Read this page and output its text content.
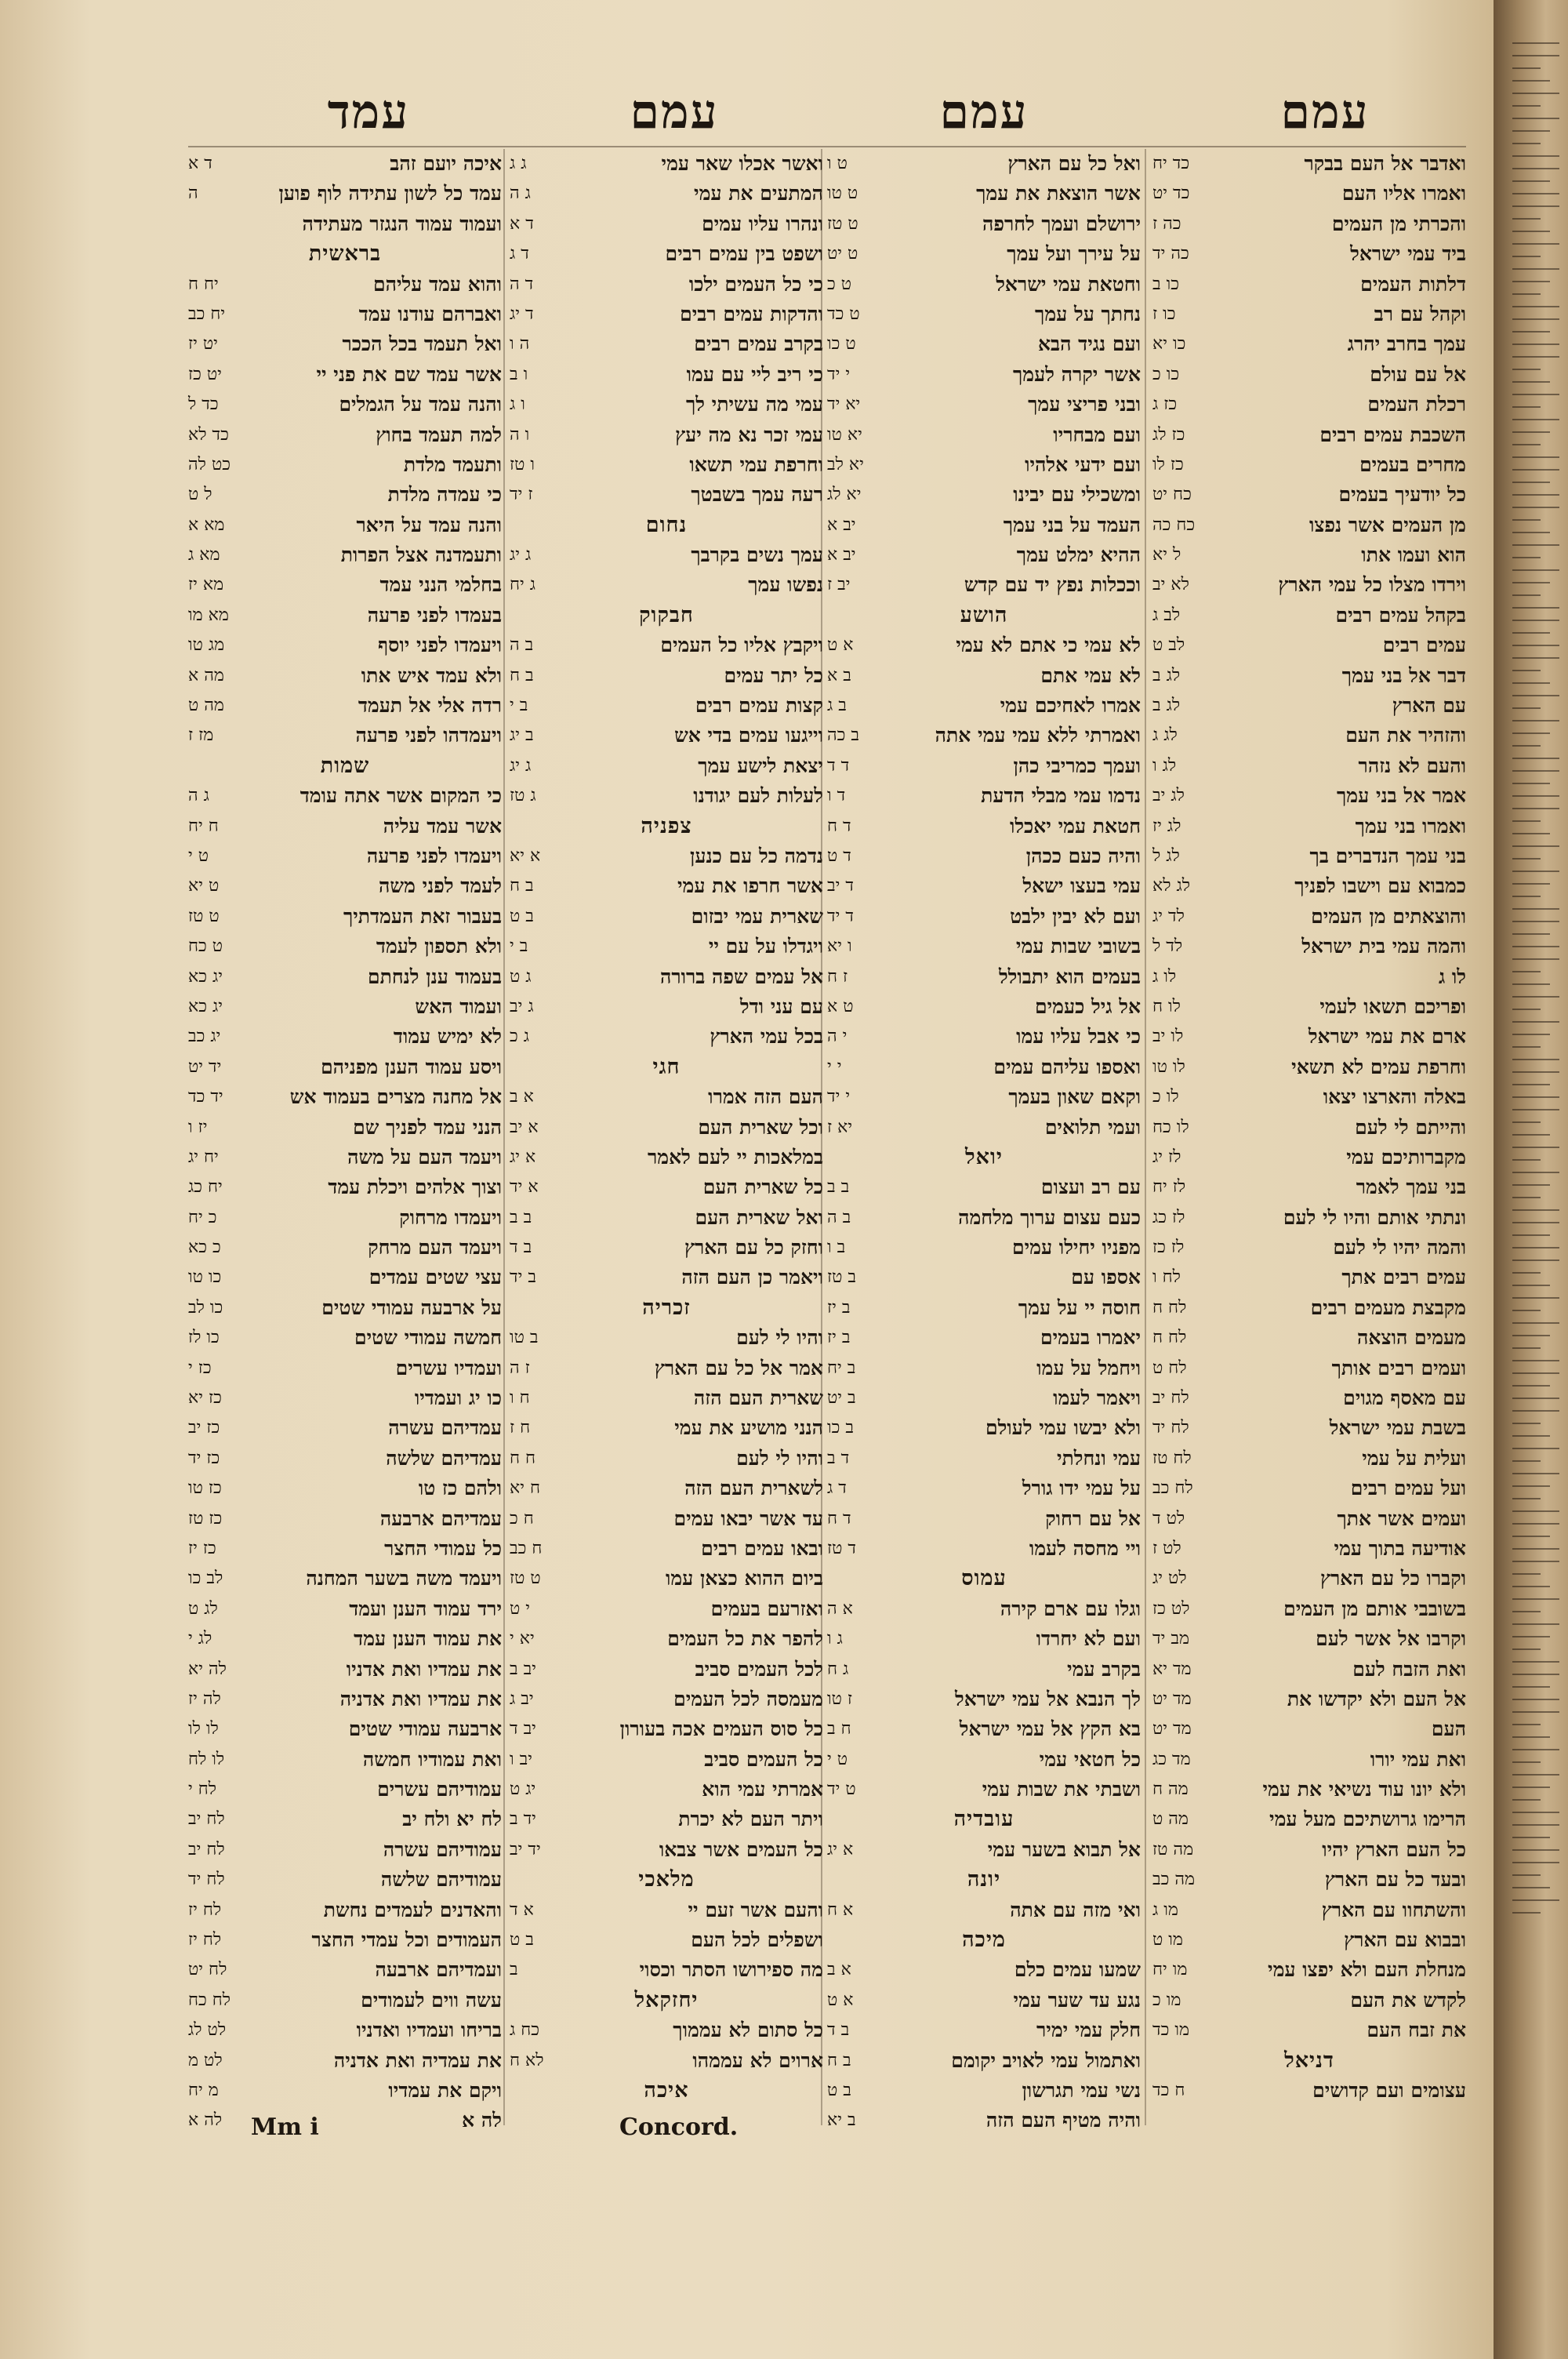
עמם
עמם
עמם
עמד
ואדבר אל העם בבקר
כד יח
ואמרו אליו העם
כד יט
והכרתי מן העמים
כה ז
ביד עמי ישראל
כה יד
דלתות העמים
כו ב
וקהל עם רב
כו ז
עמך בחרב יהרג
כו יא
אל עם עולם
כו כ
רכלת העמים
כז ג
השכבת עמים רבים
כז לג
מחרים בעמים
כז לו
כל יודעיך בעמים
כח יט
מן העמים אשר נפצו
כח כה
הוא ועמו אתו
ל יא
וירדו מצלו כל עמי הארץ
לא יב
בקהל עמים רבים
לב ג
עמים רבים
לב ט
דבר אל בני עמך
לג ב
עם הארץ
לג ב
והזהיר את העם
לג ג
והעם לא נזהר
לג ו
אמר אל בני עמך
לג יב
ואמרו בני עמך
לג יז
בני עמך הנדברים בך
לג ל
כמבוא עם וישבו לפניך
לג לא
והוצאתים מן העמים
לד יג
והמה עמי בית ישראל
לד ל
לו ג
לו ג
ופריכם תשאו לעמי
לו ח
ארם את עמי ישראל
לו יב
וחרפת עמים לא תשאי
לו טו
באלה והארצו יצאו
לו כ
והייתם לי לעם
לו כח
מקברותיכם עמי
לז יג
בני עמך לאמר
לז יח
ונתתי אותם והיו לי לעם
לז כג
והמה יהיו לי לעם
לז כז
עמים רבים אתך
לח ו
מקבצת מעמים רבים
לח ח
מעמים הוצאה
לח ח
ועמים רבים אותך
לח ט
עם מאסף מגוים
לח יב
בשבת עמי ישראל
לח יד
ועלית על עמי
לח טז
ועל עמים רבים
לח כב
ועמים אשר אתך
לט ד
אודיעה בתוך עמי
לט ז
וקברו כל עם הארץ
לט יג
בשובבי אותם מן העמים
לט כז
וקרבו אל אשר לעם
מב יד
ואת הזבח לעם
מד יא
אל העם ולא יקדשו את
מד יט
העם
מד יט
ואת עמי יורו
מד כג
ולא יונו עוד נשיאי את עמי
מה ח
הרימו גרושתיכם מעל עמי
מה ט
כל העם הארץ יהיו
מה טז
ובעד כל עם הארץ
מה כב
והשתחוו עם הארץ
מו ג
ובבוא עם הארץ
מו ט
מנחלת העם ולא יפצו עמי
מו יח
לקדש את העם
מו כ
את זבח העם
מו כד
דניאל
עצומים ועם קדושים
ח כד
ואל כל עם הארץ
ט ו
אשר הוצאת את עמך
ט טו
ירושלם ועמך לחרפה
ט טז
על עירך ועל עמך
ט יט
וחטאת עמי ישראל
ט כ
נחתך על עמך
ט כד
ועם נגיד הבא
ט כו
אשר יקרה לעמך
י יד
ובני פריצי עמך
יא יד
ועם מבחריו
יא טו
ועם ידעי אלהיו
יא לב
ומשכילי עם יבינו
יא לג
העמד על בני עמך
יב א
ההיא ימלט עמך
יב א
וככלות נפץ יד עם קדש
יב ז
הושע
לא עמי כי אתם לא עמי
א ט
לא עמי אתם
ב א
אמרו לאחיכם עמי
ב ג
ואמרתי ללא עמי עמי אתה
ב כה
ועמך כמריבי כהן
ד ד
נדמו עמי מבלי הדעת
ד ו
חטאת עמי יאכלו
ד ח
והיה כעם ככהן
ד ט
עמי בעצו ישאל
ד יב
ועם לא יבין ילבט
ד יד
בשובי שבות עמי
ו יא
בעמים הוא יתבולל
ז ח
אל גיל כעמים
ט א
כי אבל עליו עמו
י ה
ואספו עליהם עמים
י י
וקאם שאון בעמך
י יד
ועמי תלואים
יא ז
יואל
עם רב ועצום
ב ב
כעם עצום ערוך מלחמה
ב ה
מפניו יחילו עמים
ב ו
אספו עם
ב טז
חוסה יי על עמך
ב יז
יאמרו בעמים
ב יז
ויחמל על עמו
ב יח
ויאמר לעמו
ב יט
ולא יבשו עמי לעולם
ב כו
עמי ונחלתי
ד ב
על עמי ידו גורל
ד ג
אל עם רחוק
ד ח
ויי מחסה לעמו
ד טז
עמוס
וגלו עם ארם קירה
א ה
ועם לא יחרדו
ג ו
בקרב עמי
ג ח
לך הנבא אל עמי ישראל
ז טו
בא הקץ אל עמי ישראל
ח ב
כל חטאי עמי
ט י
ושבתי את שבות עמי
ט יד
עובדיה
אל תבוא בשער עמי
א יג
יונה
ואי מזה עם אתה
א ח
מיכה
שמעו עמים כלם
א ב
נגע עד שער עמי
א ט
חלק עמי ימיר
ב ד
ואתמול עמי לאויב יקומם
ב ח
נשי עמי תגרשון
ב ט
והיה מטיף העם הזה
ב יא
ואשר אכלו שאר עמי
ג ג
המתעים את עמי
ג ה
ונהרו עליו עמים
ד א
ושפט בין עמים רבים
ד ג
כי כל העמים ילכו
ד ה
והדקות עמים רבים
ד יג
בקרב עמים רבים
ה ו
כי ריב ליי עם עמו
ו ב
עמי מה עשיתי לך
ו ג
עמי זכר נא מה יעץ
ו ה
וחרפת עמי תשאו
ו טז
רעה עמך בשבטך
ז יד
נחום
עמך נשים בקרבך
ג יג
נפשו עמך
ג יח
חבקוק
ויקבץ אליו כל העמים
ב ה
כל יתר עמים
ב ח
קצות עמים רבים
ב י
וייגעו עמים בדי אש
ב יג
יצאת לישע עמך
ג יג
לעלות לעם יגודנו
ג טז
צפניה
נדמה כל עם כנען
א יא
אשר חרפו את עמי
ב ח
שארית עמי יבזום
ב ט
ויגדלו על עם יי
ב י
אל עמים שפה ברורה
ג ט
עם עני ודל
ג יב
בכל עמי הארץ
ג כ
חגי
העם הזה אמרו
א ב
וכל שארית העם
א יב
במלאכות יי לעם לאמר
א יג
כל שארית העם
א יד
ואל שארית העם
ב ב
וחזק כל עם הארץ
ב ד
ויאמר כן העם הזה
ב יד
זכריה
והיו לי לעם
ב טו
אמר אל כל עם הארץ
ז ה
שארית העם הזה
ח ו
הנני מושיע את עמי
ח ז
והיו לי לעם
ח ח
לשארית העם הזה
ח יא
עד אשר יבאו עמים
ח כ
ובאו עמים רבים
ח כב
ביום ההוא כצאן עמו
ט טז
ואזרעם בעמים
י ט
להפר את כל העמים
יא י
לכל העמים סביב
יב ב
מעמסה לכל העמים
יב ג
כל סוס העמים אכה בעורון
יב ד
כל העמים סביב
יב ו
אמרתי עמי הוא
יג ט
ויתר העם לא יכרת
יד ב
כל העמים אשר צבאו
יד יב
מלאכי
והעם אשר זעם יי
א ד
ושפלים לכל העם
ב ט
מה ספירושו הסתר וכסוי
ב
יחזקאל
כל סתום לא עממוך
כח ג
ארוים לא עממהו
לא ח
איכה
איכה יועם זהב
ד א
עמד כל לשון עתידה לוף פוען
ה
ועמוד עמוד הנגזר מעתידה
בראשית
והוא עמד עליהם
יח ח
ואברהם עודנו עמד
יח כב
ואל תעמד בכל הככר
יט יז
אשר עמד שם את פני יי
יט כז
והנה עמד על הגמלים
כד ל
למה תעמד בחוץ
כד לא
ותעמד מלדת
כט לה
כי עמדה מלדת
ל ט
והנה עמד על היאר
מא א
ותעמדנה אצל הפרות
מא ג
בחלמי הנני עמד
מא יז
בעמדו לפני פרעה
מא מו
ויעמדו לפני יוסף
מג טו
ולא עמד איש אתו
מה א
רדה אלי אל תעמד
מה ט
ויעמדהו לפני פרעה
מז ז
שמות
כי המקום אשר אתה עומד
ג ה
אשר עמד עליה
ח יח
ויעמדו לפני פרעה
ט י
לעמד לפני משה
ט יא
בעבור זאת העמדתיך
ט טז
ולא תספון לעמד
ט כח
בעמוד ענן לנחתם
יג כא
ועמוד האש
יג כא
לא ימיש עמוד
יג כב
ויסע עמוד הענן מפניהם
יד יט
אל מחנה מצרים בעמוד אש
יד כד
הנני עמד לפניך שם
יז ו
ויעמד העם על משה
יח יג
וצוך אלהים ויכלת עמד
יח כג
ויעמדו מרחוק
כ יח
ויעמד העם מרחק
כ כא
עצי שטים עמדים
כו טו
על ארבעה עמודי שטים
כו לב
חמשה עמודי שטים
כו לז
ועמדיו עשרים
כז י
כו יג ועמדיו
כז יא
עמדיהם עשרה
כז יב
עמדיהם שלשה
כז יד
ולהם כז טו
כז טו
עמדיהם ארבעה
כז טז
כל עמודי החצר
כז יז
ויעמד משה בשער המחנה
לב כו
ירד עמוד הענן ועמד
לג ט
את עמוד הענן עמד
לג י
את עמדיו ואת אדניו
לה יא
את עמדיו ואת אדניה
לה יז
ארבעה עמודי שטים
לו לו
ואת עמודיו חמשה
לו לח
עמודיהם עשרים
לח י
לח יא ולח יב
לח יב
עמודיהם עשרה
לח יב
עמודיהם שלשה
לח יד
והאדנים לעמדים נחשת
לח יז
העמודים וכל עמדי החצר
לח יז
ועמדיהם ארבעה
לח יט
עשה ווים לעמודים
לח כח
בריחו ועמדיו ואדניו
לט לג
את עמדיה ואת אדניה
לט מ
ויקם את עמדיו
מ יח
לה א
לה א Mm i	Concord.
